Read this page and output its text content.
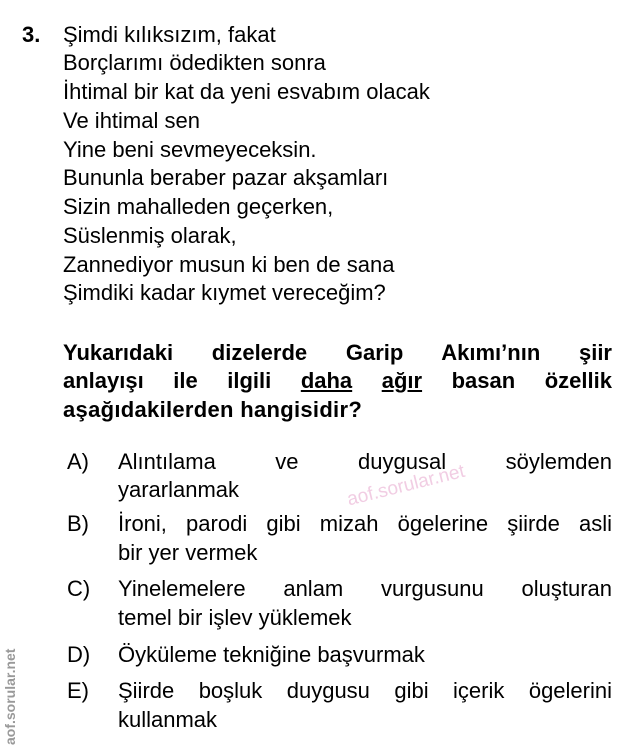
3. Şimdi kılıksızım, fakat
Borçlarımı ödedikten sonra
İhtimal bir kat da yeni esvabım olacak
Ve ihtimal sen
Yine beni sevmeyeceksin.
Bununla beraber pazar akşamları
Sizin mahalleden geçerken,
Süslenmiş olarak,
Zannediyor musun ki ben de sana
Şimdiki kadar kıymet vereceğim?
Yukarıdaki dizelerde Garip Akımı’nın şiir
anlayışı ile ilgili daha ağır basan özellik
aşağıdakilerden hangisidir?
A) Alıntılama ve duygusal söylemden
yararlanmak
B) İroni, parodi gibi mizah ögelerine şiirde asli
bir yer vermek
C) Yinelemelere anlam vurgusunu oluşturan
temel bir işlev yüklemek
D) Öyküleme tekniğine başvurmak
E) Şiirde boşluk duygusu gibi içerik ögelerini
kullanmak
aof.sorular.net
aof.sorular.net
